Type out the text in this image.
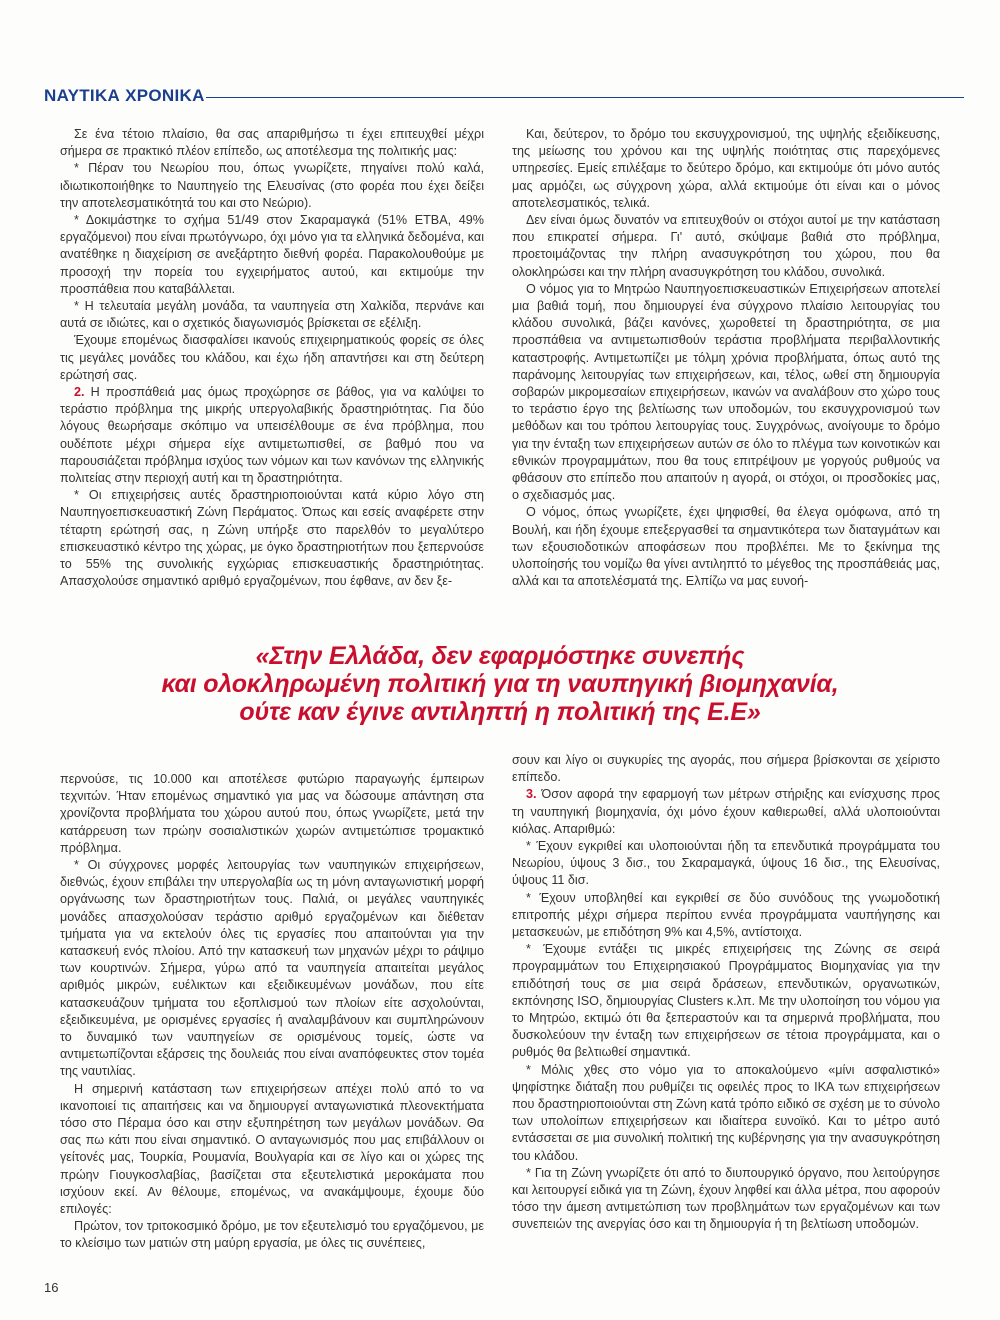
ΝΑΥΤΙΚΑ ΧΡΟΝΙΚΑ

Σε ένα τέτοιο πλαίσιο, θα σας απαριθμήσω τι έχει επιτευχθεί μέχρι σήμερα σε πρακτικό πλέον επίπεδο, ως αποτέλεσμα της πολιτικής μας:

* Πέραν του Νεωρίου που, όπως γνωρίζετε, πηγαίνει πολύ καλά, ιδιωτικοποιήθηκε το Ναυπηγείο της Ελευσίνας (στο φορέα που έχει δείξει την αποτελεσματικότητά του και στο Νεώριο).

* Δοκιμάστηκε το σχήμα 51/49 στον Σκαραμαγκά (51% ΕΤΒΑ, 49% εργαζόμενοι) που είναι πρωτόγνωρο, όχι μόνο για τα ελληνικά δεδομένα, και ανατέθηκε η διαχείριση σε ανεξάρτητο διεθνή φορέα. Παρακολουθούμε με προσοχή την πορεία του εγχειρήματος αυτού, και εκτιμούμε την προσπάθεια που καταβάλλεται.

* Η τελευταία μεγάλη μονάδα, τα ναυπηγεία στη Χαλκίδα, περνάνε και αυτά σε ιδιώτες, και ο σχετικός διαγωνισμός βρίσκεται σε εξέλιξη.

Έχουμε επομένως διασφαλίσει ικανούς επιχειρηματικούς φορείς σε όλες τις μεγάλες μονάδες του κλάδου, και έχω ήδη απαντήσει και στη δεύτερη ερώτησή σας.

2. Η προσπάθειά μας όμως προχώρησε σε βάθος, για να καλύψει το τεράστιο πρόβλημα της μικρής υπεργολαβικής δραστηριότητας. Για δύο λόγους θεωρήσαμε σκόπιμο να υπεισέλθουμε σε ένα πρόβλημα, που ουδέποτε μέχρι σήμερα είχε αντιμετωπισθεί, σε βαθμό που να παρουσιάζεται πρόβλημα ισχύος των νόμων και των κανόνων της ελληνικής πολιτείας στην περιοχή αυτή και τη δραστηριότητα.

* Οι επιχειρήσεις αυτές δραστηριοποιούνται κατά κύριο λόγο στη Ναυπηγοεπισκευαστική Ζώνη Περάματος. Όπως και εσείς αναφέρετε στην τέταρτη ερώτησή σας, η Ζώνη υπήρξε στο παρελθόν το μεγαλύτερο επισκευαστικό κέντρο της χώρας, με όγκο δραστηριοτήτων που ξεπερνούσε το 55% της συνολικής εγχώριας επισκευαστικής δραστηριότητας. Απασχολούσε σημαντικό αριθμό εργαζομένων, που έφθανε, αν δεν ξε-

Και, δεύτερον, το δρόμο του εκσυγχρονισμού, της υψηλής εξειδίκευσης, της μείωσης του χρόνου και της υψηλής ποιότητας στις παρεχόμενες υπηρεσίες. Εμείς επιλέξαμε το δεύτερο δρόμο, και εκτιμούμε ότι μόνο αυτός μας αρμόζει, ως σύγχρονη χώρα, αλλά εκτιμούμε ότι είναι και ο μόνος αποτελεσματικός, τελικά.

Δεν είναι όμως δυνατόν να επιτευχθούν οι στόχοι αυτοί με την κατάσταση που επικρατεί σήμερα. Γι' αυτό, σκύψαμε βαθιά στο πρόβλημα, προετοιμάζοντας την πλήρη ανασυγκρότηση του χώρου, που θα ολοκληρώσει και την πλήρη ανασυγκρότηση του κλάδου, συνολικά.

Ο νόμος για το Μητρώο Ναυπηγοεπισκευαστικών Επιχειρήσεων αποτελεί μια βαθιά τομή, που δημιουργεί ένα σύγχρονο πλαίσιο λειτουργίας του κλάδου συνολικά, βάζει κανόνες, χωροθετεί τη δραστηριότητα, σε μια προσπάθεια να αντιμετωπισθούν τεράστια προβλήματα περιβαλλοντικής καταστροφής. Αντιμετωπίζει με τόλμη χρόνια προβλήματα, όπως αυτό της παράνομης λειτουργίας των επιχειρήσεων, και, τέλος, ωθεί στη δημιουργία σοβαρών μικρομεσαίων επιχειρήσεων, ικανών να αναλάβουν στο χώρο τους το τεράστιο έργο της βελτίωσης των υποδομών, του εκσυγχρονισμού των μεθόδων και του τρόπου λειτουργίας τους. Συγχρόνως, ανοίγουμε το δρόμο για την ένταξη των επιχειρήσεων αυτών σε όλο το πλέγμα των κοινοτικών και εθνικών προγραμμάτων, που θα τους επιτρέψουν με γοργούς ρυθμούς να φθάσουν στο επίπεδο που απαιτούν η αγορά, οι στόχοι, οι προσδοκίες μας, ο σχεδιασμός μας.

Ο νόμος, όπως γνωρίζετε, έχει ψηφισθεί, θα έλεγα ομόφωνα, από τη Βουλή, και ήδη έχουμε επεξεργασθεί τα σημαντικότερα των διαταγμάτων και των εξουσιοδοτικών αποφάσεων που προβλέπει. Με το ξεκίνημα της υλοποίησής του νομίζω θα γίνει αντιληπτό το μέγεθος της προσπάθειάς μας, αλλά και τα αποτελέσματά της. Ελπίζω να μας ευνοή-

«Στην Ελλάδα, δεν εφαρμόστηκε συνεπής
και ολοκληρωμένη πολιτική για τη ναυπηγική βιομηχανία,
ούτε καν έγινε αντιληπτή η πολιτική της Ε.Ε»

περνούσε, τις 10.000 και αποτέλεσε φυτώριο παραγωγής έμπειρων τεχνιτών. Ήταν επομένως σημαντικό για μας να δώσουμε απάντηση στα χρονίζοντα προβλήματα του χώρου αυτού που, όπως γνωρίζετε, μετά την κατάρρευση των πρώην σοσιαλιστικών χωρών αντιμετώπισε τρομακτικό πρόβλημα.

* Οι σύγχρονες μορφές λειτουργίας των ναυπηγικών επιχειρήσεων, διεθνώς, έχουν επιβάλει την υπεργολαβία ως τη μόνη ανταγωνιστική μορφή οργάνωσης των δραστηριοτήτων τους. Παλιά, οι μεγάλες ναυπηγικές μονάδες απασχολούσαν τεράστιο αριθμό εργαζομένων και διέθεταν τμήματα για να εκτελούν όλες τις εργασίες που απαιτούνται για την κατασκευή ενός πλοίου. Από την κατασκευή των μηχανών μέχρι το ράψιμο των κουρτινών. Σήμερα, γύρω από τα ναυπηγεία απαιτείται μεγάλος αριθμός μικρών, ευέλικτων και εξειδικευμένων μονάδων, που είτε κατασκευάζουν τμήματα του εξοπλισμού των πλοίων είτε ασχολούνται, εξειδικευμένα, με ορισμένες εργασίες ή αναλαμβάνουν και συμπληρώνουν το δυναμικό των ναυπηγείων σε ορισμένους τομείς, ώστε να αντιμετωπίζονται εξάρσεις της δουλειάς που είναι αναπόφευκτες στον τομέα της ναυτιλίας.

Η σημερινή κατάσταση των επιχειρήσεων απέχει πολύ από το να ικανοποιεί τις απαιτήσεις και να δημιουργεί ανταγωνιστικά πλεονεκτήματα τόσο στο Πέραμα όσο και στην εξυπηρέτηση των μεγάλων μονάδων. Θα σας πω κάτι που είναι σημαντικό. Ο ανταγωνισμός που μας επιβάλλουν οι γείτονές μας, Τουρκία, Ρουμανία, Βουλγαρία και σε λίγο και οι χώρες της πρώην Γιουγκοσλαβίας, βασίζεται στα εξευτελιστικά μεροκάματα που ισχύουν εκεί. Αν θέλουμε, επομένως, να ανακάμψουμε, έχουμε δύο επιλογές:

Πρώτον, τον τριτοκοσμικό δρόμο, με τον εξευτελισμό του εργαζόμενου, με το κλείσιμο των ματιών στη μαύρη εργασία, με όλες τις συνέπειες,

σουν και λίγο οι συγκυρίες της αγοράς, που σήμερα βρίσκονται σε χείριστο επίπεδο.

3. Όσον αφορά την εφαρμογή των μέτρων στήριξης και ενίσχυσης προς τη ναυπηγική βιομηχανία, όχι μόνο έχουν καθιερωθεί, αλλά υλοποιούνται κιόλας. Απαριθμώ:

* Έχουν εγκριθεί και υλοποιούνται ήδη τα επενδυτικά προγράμματα του Νεωρίου, ύψους 3 δισ., του Σκαραμαγκά, ύψους 16 δισ., της Ελευσίνας, ύψους 11 δισ.

* Έχουν υποβληθεί και εγκριθεί σε δύο συνόδους της γνωμοδοτική επιτροπής μέχρι σήμερα περίπου εννέα προγράμματα ναυπήγησης και μετασκευών, με επιδότηση 9% και 4,5%, αντίστοιχα.

* Έχουμε εντάξει τις μικρές επιχειρήσεις της Ζώνης σε σειρά προγραμμάτων του Επιχειρησιακού Προγράμματος Βιομηχανίας για την επιδότησή τους σε μια σειρά δράσεων, επενδυτικών, οργανωτικών, εκπόνησης ISO, δημιουργίας Clusters κ.λπ. Με την υλοποίηση του νόμου για το Μητρώο, εκτιμώ ότι θα ξεπεραστούν και τα σημερινά προβλήματα, που δυσκολεύουν την ένταξη των επιχειρήσεων σε τέτοια προγράμματα, και ο ρυθμός θα βελτιωθεί σημαντικά.

* Μόλις χθες στο νόμο για το αποκαλούμενο «μίνι ασφαλιστικό» ψηφίστηκε διάταξη που ρυθμίζει τις οφειλές προς το ΙΚΑ των επιχειρήσεων που δραστηριοποιούνται στη Ζώνη κατά τρόπο ειδικό σε σχέση με το σύνολο των υπολοίπων επιχειρήσεων και ιδιαίτερα ευνοϊκό. Και το μέτρο αυτό εντάσσεται σε μια συνολική πολιτική της κυβέρνησης για την ανασυγκρότηση του κλάδου.

* Για τη Ζώνη γνωρίζετε ότι από το διυπουργικό όργανο, που λειτούργησε και λειτουργεί ειδικά για τη Ζώνη, έχουν ληφθεί και άλλα μέτρα, που αφορούν τόσο την άμεση αντιμετώπιση των προβλημάτων των εργαζομένων και των συνεπειών της ανεργίας όσο και τη δημιουργία ή τη βελτίωση υποδομών.

16
